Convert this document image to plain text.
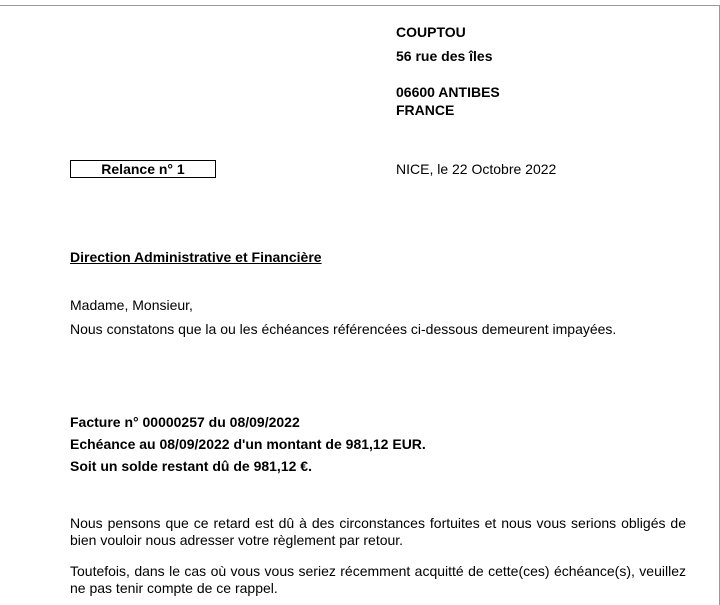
COUPTOU
56 rue des îles
06600 ANTIBES
FRANCE
Relance n° 1	NICE, le 22 Octobre 2022
Direction Administrative et Financière
Madame, Monsieur,
Nous constatons que la ou les échéances référencées ci-dessous demeurent impayées.
Facture n° 00000257 du 08/09/2022
Echéance au 08/09/2022 d'un montant de 981,12 EUR.
Soit un solde restant dû de 981,12 €.
Nous pensons que ce retard est dû à des circonstances fortuites et nous vous serions obligés de bien vouloir nous adresser votre règlement par retour.
Toutefois, dans le cas où vous vous seriez récemment acquitté de cette(ces) échéance(s), veuillez ne pas tenir compte de ce rappel.
